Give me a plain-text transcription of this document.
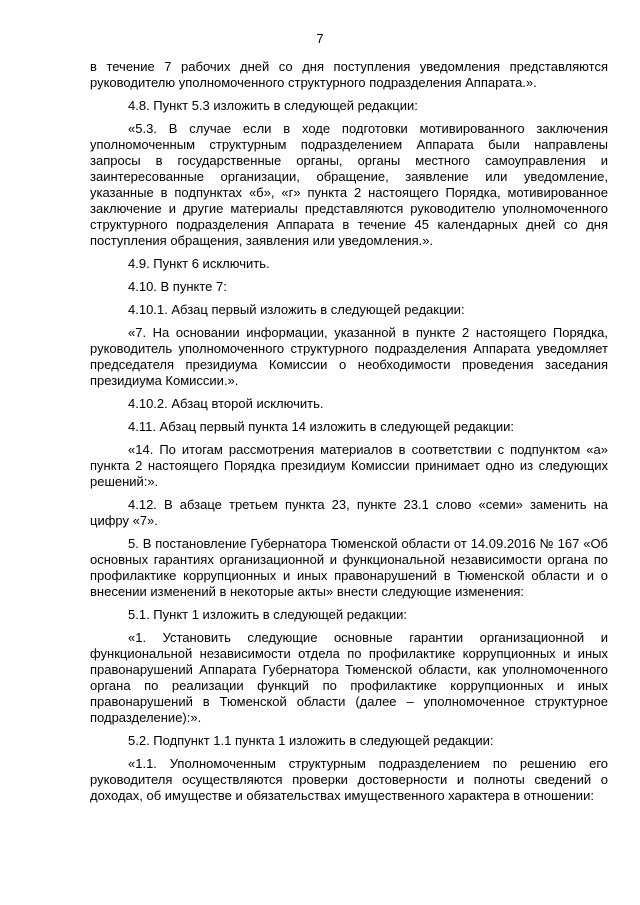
7

в течение 7 рабочих дней со дня поступления уведомления представляются руководителю уполномоченного структурного подразделения Аппарата.».

4.8. Пункт 5.3 изложить в следующей редакции:

«5.3. В случае если в ходе подготовки мотивированного заключения уполномоченным структурным подразделением Аппарата были направлены запросы в государственные органы, органы местного самоуправления и заинтересованные организации, обращение, заявление или уведомление, указанные в подпунктах «б», «г» пункта 2 настоящего Порядка, мотивированное заключение и другие материалы представляются руководителю уполномоченного структурного подразделения Аппарата в течение 45 календарных дней со дня поступления обращения, заявления или уведомления.».

4.9. Пункт 6 исключить.

4.10. В пункте 7:

4.10.1. Абзац первый изложить в следующей редакции:

«7. На основании информации, указанной в пункте 2 настоящего Порядка, руководитель уполномоченного структурного подразделения Аппарата уведомляет председателя президиума Комиссии о необходимости проведения заседания президиума Комиссии.».

4.10.2. Абзац второй исключить.

4.11. Абзац первый пункта 14 изложить в следующей редакции:

«14. По итогам рассмотрения материалов в соответствии с подпунктом «а» пункта 2 настоящего Порядка президиум Комиссии принимает одно из следующих решений:».

4.12. В абзаце третьем пункта 23, пункте 23.1 слово «семи» заменить на цифру «7».

5. В постановление Губернатора Тюменской области от 14.09.2016 № 167 «Об основных гарантиях организационной и функциональной независимости органа по профилактике коррупционных и иных правонарушений в Тюменской области и о внесении изменений в некоторые акты» внести следующие изменения:

5.1. Пункт 1 изложить в следующей редакции:

«1. Установить следующие основные гарантии организационной и функциональной независимости отдела по профилактике коррупционных и иных правонарушений Аппарата Губернатора Тюменской области, как уполномоченного органа по реализации функций по профилактике коррупционных и иных правонарушений в Тюменской области (далее – уполномоченное структурное подразделение):».

5.2. Подпункт 1.1 пункта 1 изложить в следующей редакции:

«1.1. Уполномоченным структурным подразделением по решению его руководителя осуществляются проверки достоверности и полноты сведений о доходах, об имуществе и обязательствах имущественного характера в отношении:
